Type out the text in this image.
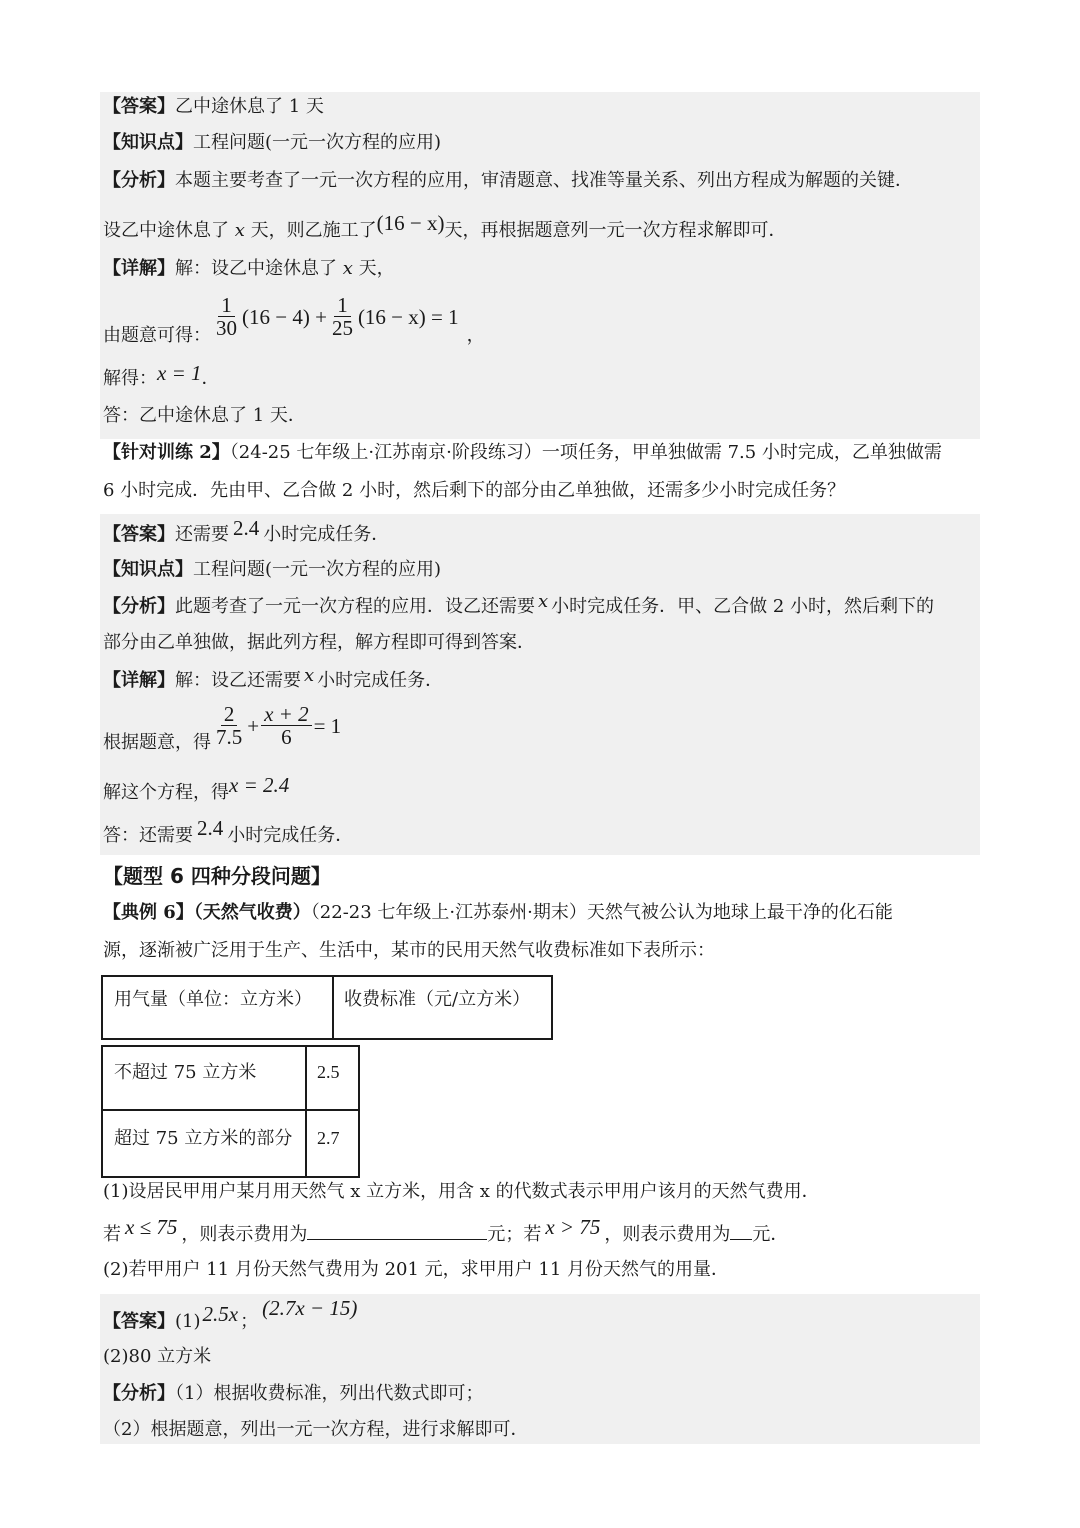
【答案】乙中途休息了 1 天
【知识点】工程问题(一元一次方程的应用)
【分析】本题主要考查了一元一次方程的应用，审清题意、找准等量关系、列出方程成为解题的关键．
设乙中途休息了 x 天，则乙施工了(16 − x)天，再根据题意列一元一次方程求解即可．
【详解】解：设乙中途休息了 x 天，
由题意可得： $\frac{1}{30} (16 - 4) + \frac{1}{25} (16 - x) = 1$
，
解得：x = 1．
答：乙中途休息了 1 天．
【针对训练 2】（24-25 七年级上·江苏南京·阶段练习）一项任务，甲单独做需 7.5 小时完成，乙单独做需
6 小时完成．先由甲、乙合做 2 小时，然后剩下的部分由乙单独做，还需多少小时完成任务？
【答案】还需要 2.4 小时完成任务．
【知识点】工程问题(一元一次方程的应用)
【分析】此题考查了一元一次方程的应用．设乙还需要 x 小时完成任务．甲、乙合做 2 小时，然后剩下的
部分由乙单独做，据此列方程，解方程即可得到答案．
【详解】解：设乙还需要 x 小时完成任务．
根据题意，得 $\frac{2}{7.5} + \frac{x + 2}{6} = 1$
解这个方程，得x = 2.4
答：还需要 2.4 小时完成任务．
【题型 6 四种分段问题】
【典例 6】（天然气收费）（22-23 七年级上·江苏泰州·期末）天然气被公认为地球上最干净的化石能
源，逐渐被广泛用于生产、生活中，某市的民用天然气收费标准如下表所示：
用气量（单位：立方米） 收费标准（元/立方米）
不超过 75 立方米	2.5
超过 75 立方米的部分 2.7
(1)设居民甲用户某月用天然气 x 立方米，用含 x 的代数式表示甲用户该月的天然气费用．
若 x ≤ 75 ，则表示费用为	元；若 x > 75 ，则表示费用为 元．
(2)若甲用户 11 月份天然气费用为 201 元，求甲用户 11 月份天然气的用量．
【答案】(1)2.5x ；(2.7x − 15)
(2)80 立方米
【分析】（1）根据收费标准，列出代数式即可；
（2）根据题意，列出一元一次方程，进行求解即可．
